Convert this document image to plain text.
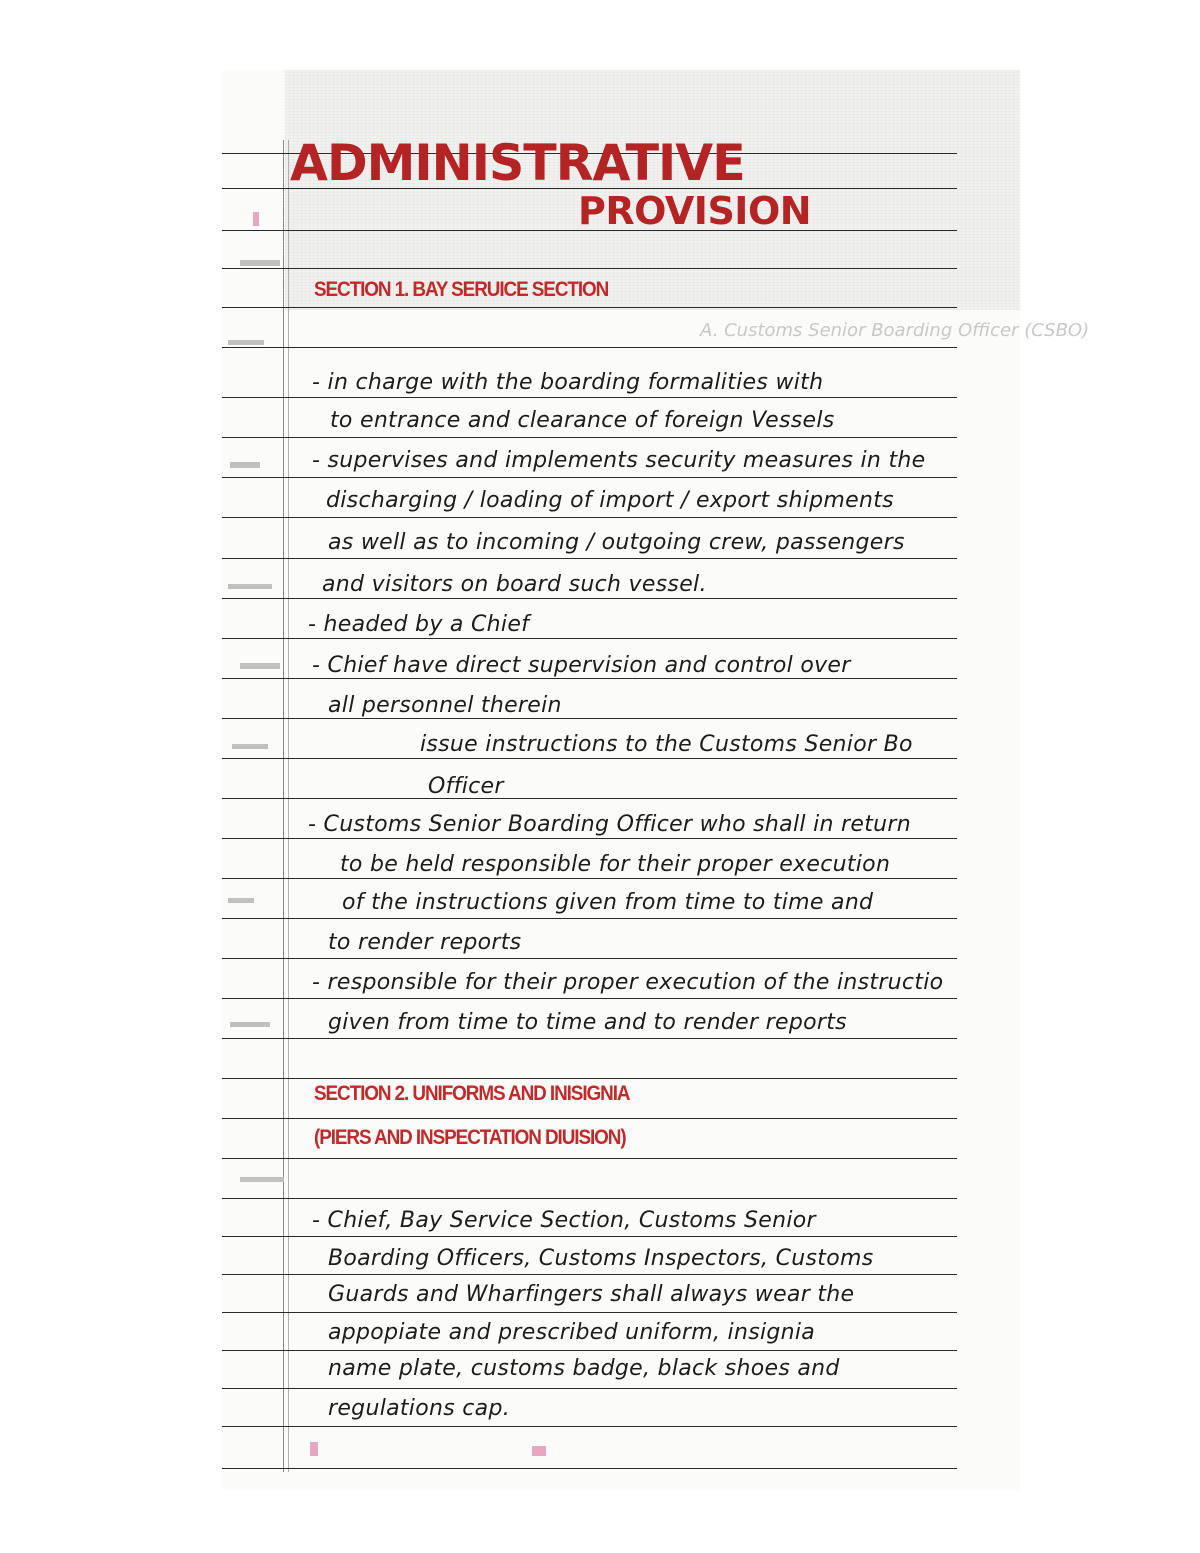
ADMINISTRATIVE
PROVISION
SECTION 1. BAY SERUICE SECTION

A. Customs Senior Boarding Officer (CSBO)

- in charge with the boarding formalities with

to entrance and clearance of foreign Vessels

- supervises and implements security measures in the

discharging / loading of import / export shipments

as well as to incoming / outgoing crew, passengers

and visitors on board such vessel.

- headed by a Chief

- Chief have direct supervision and control over

all personnel therein

issue instructions to the Customs Senior Bo

Officer

- Customs Senior Boarding Officer who shall in return

to be held responsible for their proper execution

of the instructions given from time to time and

to render reports

- responsible for their proper execution of the instructio

given from time to time and to render reports

SECTION 2. UNIFORMS AND INISIGNIA
(PIERS AND INSPECTATION DIUISION)

- Chief, Bay Service Section, Customs Senior

Boarding Officers, Customs Inspectors, Customs

Guards and Wharfingers shall always wear the

appopiate and prescribed uniform, insignia

name plate, customs badge, black shoes and

regulations cap.
